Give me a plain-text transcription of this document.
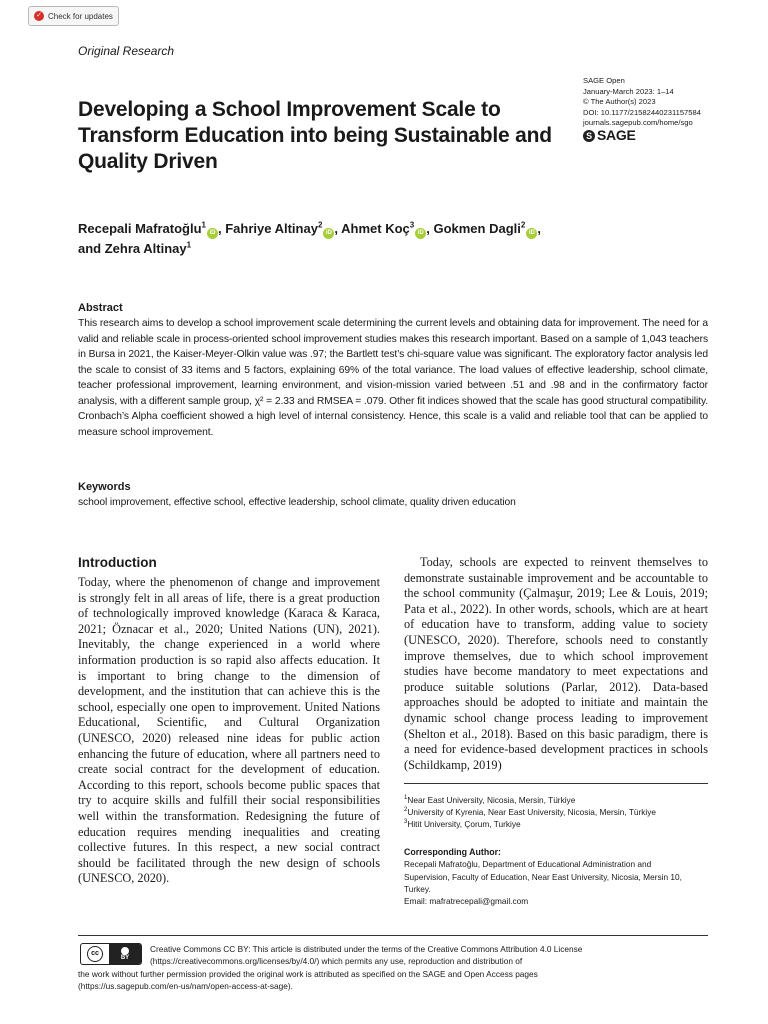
✓ Check for updates

Original Research

SAGE Open
January-March 2023: 1–14
© The Author(s) 2023
DOI: 10.1177/21582440231157584
journals.sagepub.com/home/sgo
S SAGE
Developing a School Improvement Scale to Transform Education into being Sustainable and Quality Driven

Recepali Mafratoğlu$^1$iD , Fahriye Altinay$^2$iD , Ahmet Koç$^3$iD , Gokmen Dagli$^2$iD ,
and Zehra Altinay$^1$

Abstract

This research aims to develop a school improvement scale determining the current levels and obtaining data for improvement. The need for a valid and reliable scale in process-oriented school improvement studies makes this research important. Based on a sample of 1,043 teachers in Bursa in 2021, the Kaiser-Meyer-Olkin value was .97; the Bartlett test’s chi-square value was significant. The exploratory factor analysis led the scale to consist of 33 items and 5 factors, explaining 69% of the total variance. The load values of effective leadership, school climate, teacher professional improvement, learning environment, and vision-mission varied between .51 and .98 and in the confirmatory factor analysis, with a different sample group, χ² = 2.33 and RMSEA = .079. Other fit indices showed that the scale has good structural compatibility. Cronbach’s Alpha coefficient showed a high level of internal consistency. Hence, this scale is a valid and reliable tool that can be applied to measure school improvement.

Keywords

school improvement, effective school, effective leadership, school climate, quality driven education

Introduction

Today, where the phenomenon of change and improvement is strongly felt in all areas of life, there is a great production of technologically improved knowledge (Karaca & Karaca, 2021; Öznacar et al., 2020; United Nations (UN), 2021). Inevitably, the change experienced in a world where information production is so rapid also affects education. It is important to bring change to the dimension of development, and the institution that can achieve this is the school, especially one open to improvement. United Nations Educational, Scientific, and Cultural Organization (UNESCO, 2020) released nine ideas for public action enhancing the future of education, where all partners need to create social contract for the development of education. According to this report, schools become public spaces that try to acquire skills and fulfill their social responsibilities well within the transformation. Redesigning the future of education requires mending inequalities and creating collective futures. In this respect, a new social contract should be facilitated through the new design of schools (UNESCO, 2020).

Today, schools are expected to reinvent themselves to demonstrate sustainable improvement and be accountable to the school community (Çalmaşur, 2019; Lee & Louis, 2019; Pata et al., 2022). In other words, schools, which are at heart of education have to transform, adding value to society (UNESCO, 2020). Therefore, schools need to constantly improve themselves, due to which school improvement studies have become mandatory to meet expectations and produce suitable solutions (Parlar, 2012). Data-based approaches should be adopted to initiate and maintain the dynamic school change process leading to improvement (Shelton et al., 2018). Based on this basic paradigm, there is a need for evidence-based development practices in schools (Schildkamp, 2019)

$^1$Near East University, Nicosia, Mersin, Türkiye
$^2$University of Kyrenia, Near East University, Nicosia, Mersin, Türkiye
$^3$Hitit University, Çorum, Turkiye
Corresponding Author:
Recepali Mafratoğlu, Department of Educational Administration and
Supervision, Faculty of Education, Near East University, Nicosia, Mersin 10,
Turkey.
Email: mafratrecepali@gmail.com
cc
BY
Creative Commons CC BY: This article is distributed under the terms of the Creative Commons Attribution 4.0 License
(https://creativecommons.org/licenses/by/4.0/) which permits any use, reproduction and distribution of
the work without further permission provided the original work is attributed as specified on the SAGE and Open Access pages
(https://us.sagepub.com/en-us/nam/open-access-at-sage).
